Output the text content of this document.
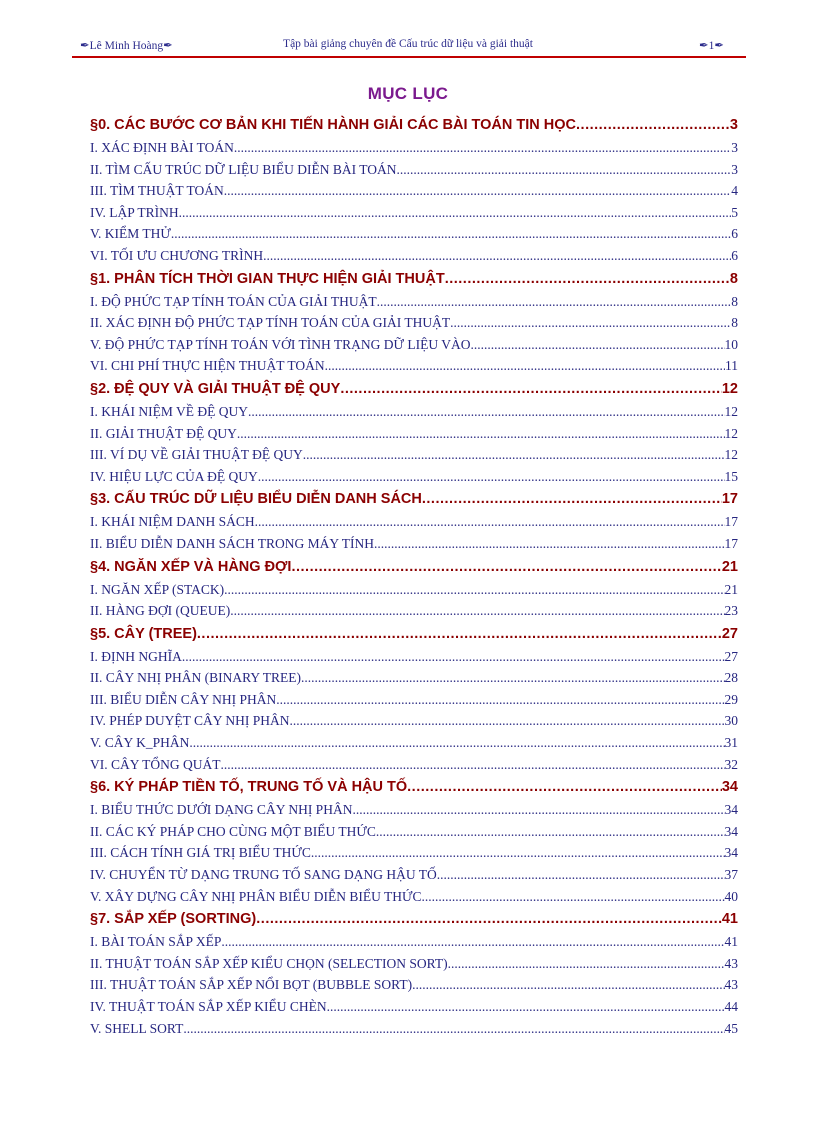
✒Lê Minh Hoàng✒	Tập bài giảng chuyên đề Cấu trúc dữ liệu và giải thuật	✒1✒
MỤC LỤC
§0. CÁC BƯỚC CƠ BẢN KHI TIẾN HÀNH GIẢI CÁC BÀI TOÁN TIN HỌC .....	3
I. XÁC ĐỊNH BÀI TOÁN .....	3
II. TÌM CẤU TRÚC DỮ LIỆU BIỂU DIỄN BÀI TOÁN .....	3
III. TÌM THUẬT TOÁN .....	4
IV. LẬP TRÌNH .....	5
V. KIỂM THỬ .....	6
VI. TỐI ƯU CHƯƠNG TRÌNH .....	6
§1. PHÂN TÍCH THỜI GIAN THỰC HIỆN GIẢI THUẬT .....	8
I. ĐỘ PHỨC TẠP TÍNH TOÁN CỦA GIẢI THUẬT .....	8
II. XÁC ĐỊNH ĐỘ PHỨC TẠP TÍNH TOÁN CỦA GIẢI THUẬT .....	8
V. ĐỘ PHỨC TẠP TÍNH TOÁN VỚI TÌNH TRẠNG DỮ LIỆU VÀO .....	10
VI. CHI PHÍ THỰC HIỆN THUẬT TOÁN .....	11
§2. ĐỆ QUY VÀ GIẢI THUẬT ĐỆ QUY .....	12
I. KHÁI NIỆM VỀ ĐỆ QUY .....	12
II. GIẢI THUẬT ĐỆ QUY .....	12
III. VÍ DỤ VỀ GIẢI THUẬT ĐỆ QUY .....	12
IV. HIỆU LỰC CỦA ĐỆ QUY .....	15
§3. CẤU TRÚC DỮ LIỆU BIỂU DIỄN DANH SÁCH .....	17
I. KHÁI NIỆM DANH SÁCH .....	17
II. BIỂU DIỄN DANH SÁCH TRONG MÁY TÍNH .....	17
§4. NGĂN XẾP VÀ HÀNG ĐỢI .....	21
I. NGĂN XẾP (STACK) .....	21
II. HÀNG ĐỢI (QUEUE) .....	23
§5. CÂY (TREE) .....	27
I. ĐỊNH NGHĨA .....	27
II. CÂY NHỊ PHÂN (BINARY TREE) .....	28
III. BIỂU DIỄN CÂY NHỊ PHÂN .....	29
IV. PHÉP DUYỆT CÂY NHỊ PHÂN .....	30
V. CÂY K_PHÂN .....	31
VI. CÂY TỔNG QUÁT .....	32
§6. KÝ PHÁP TIỀN TỐ, TRUNG TỐ VÀ HẬU TỐ .....	34
I. BIỂU THỨC DƯỚI DẠNG CÂY NHỊ PHÂN .....	34
II. CÁC KÝ PHÁP CHO CÙNG MỘT BIỂU THỨC .....	34
III. CÁCH TÍNH GIÁ TRỊ BIỂU THỨC .....	34
IV. CHUYỂN TỪ DẠNG TRUNG TỐ SANG DẠNG HẬU TỐ .....	37
V. XÂY DỰNG CÂY NHỊ PHÂN BIỂU DIỄN BIỂU THỨC .....	40
§7. SẮP XẾP (SORTING) .....	41
I. BÀI TOÁN SẮP XẾP .....	41
II. THUẬT TOÁN SẮP XẾP KIỂU CHỌN (SELECTION SORT) .....	43
III. THUẬT TOÁN SẮP XẾP NỔI BỌT (BUBBLE SORT) .....	43
IV. THUẬT TOÁN SẮP XẾP KIỂU CHÈN .....	44
V. SHELL SORT .....	45
